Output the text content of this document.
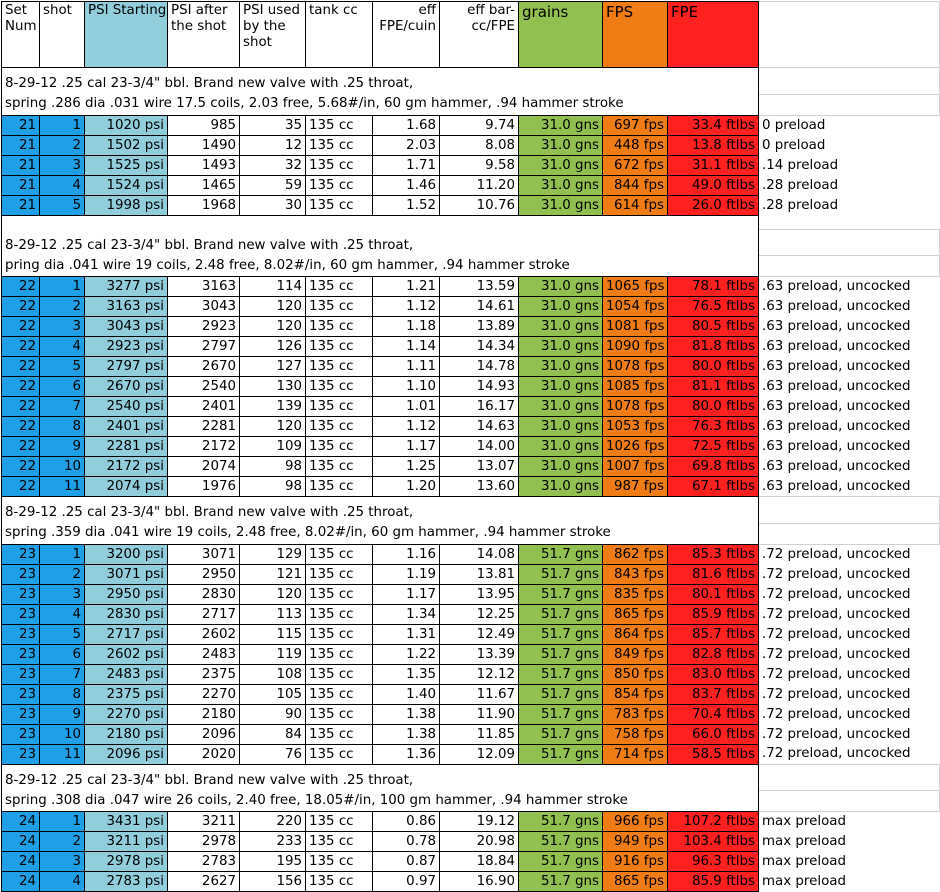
Set Num	shot	PSI Starting	PSI after the shot	PSI used by the shot	tank cc	eff FPE/cuin	eff bar-cc/FPE	grains	FPS	FPE	
8-29-12 .25 cal 23-3/4" bbl. Brand new valve with .25 throat,											
spring .286 dia .031 wire 17.5 coils, 2.03 free, 5.68#/in, 60 gm hammer, .94 hammer stroke											
21	1	1020 psi	985	35	135 cc	1.68	9.74	31.0 gns	697 fps	33.4 ftlbs	0 preload
21	2	1502 psi	1490	12	135 cc	2.03	8.08	31.0 gns	448 fps	13.8 ftlbs	0 preload
21	3	1525 psi	1493	32	135 cc	1.71	9.58	31.0 gns	672 fps	31.1 ftlbs	.14 preload
21	4	1524 psi	1465	59	135 cc	1.46	11.20	31.0 gns	844 fps	49.0 ftlbs	.28 preload
21	5	1998 psi	1968	30	135 cc	1.52	10.76	31.0 gns	614 fps	26.0 ftlbs	.28 preload

8-29-12 .25 cal 23-3/4" bbl. Brand new valve with .25 throat,											
pring dia .041 wire 19 coils, 2.48 free, 8.02#/in, 60 gm hammer, .94 hammer stroke											
22	1	3277 psi	3163	114	135 cc	1.21	13.59	31.0 gns	1065 fps	78.1 ftlbs	.63 preload, uncocked
22	2	3163 psi	3043	120	135 cc	1.12	14.61	31.0 gns	1054 fps	76.5 ftlbs	.63 preload, uncocked
22	3	3043 psi	2923	120	135 cc	1.18	13.89	31.0 gns	1081 fps	80.5 ftlbs	.63 preload, uncocked
22	4	2923 psi	2797	126	135 cc	1.14	14.34	31.0 gns	1090 fps	81.8 ftlbs	.63 preload, uncocked
22	5	2797 psi	2670	127	135 cc	1.11	14.78	31.0 gns	1078 fps	80.0 ftlbs	.63 preload, uncocked
22	6	2670 psi	2540	130	135 cc	1.10	14.93	31.0 gns	1085 fps	81.1 ftlbs	.63 preload, uncocked
22	7	2540 psi	2401	139	135 cc	1.01	16.17	31.0 gns	1078 fps	80.0 ftlbs	.63 preload, uncocked
22	8	2401 psi	2281	120	135 cc	1.12	14.63	31.0 gns	1053 fps	76.3 ftlbs	.63 preload, uncocked
22	9	2281 psi	2172	109	135 cc	1.17	14.00	31.0 gns	1026 fps	72.5 ftlbs	.63 preload, uncocked
22	10	2172 psi	2074	98	135 cc	1.25	13.07	31.0 gns	1007 fps	69.8 ftlbs	.63 preload, uncocked
22	11	2074 psi	1976	98	135 cc	1.20	13.60	31.0 gns	987 fps	67.1 ftlbs	.63 preload, uncocked
8-29-12 .25 cal 23-3/4" bbl. Brand new valve with .25 throat,											
spring .359 dia .041 wire 19 coils, 2.48 free, 8.02#/in, 60 gm hammer, .94 hammer stroke											
23	1	3200 psi	3071	129	135 cc	1.16	14.08	51.7 gns	862 fps	85.3 ftlbs	.72 preload, uncocked
23	2	3071 psi	2950	121	135 cc	1.19	13.81	51.7 gns	843 fps	81.6 ftlbs	.72 preload, uncocked
23	3	2950 psi	2830	120	135 cc	1.17	13.95	51.7 gns	835 fps	80.1 ftlbs	.72 preload, uncocked
23	4	2830 psi	2717	113	135 cc	1.34	12.25	51.7 gns	865 fps	85.9 ftlbs	.72 preload, uncocked
23	5	2717 psi	2602	115	135 cc	1.31	12.49	51.7 gns	864 fps	85.7 ftlbs	.72 preload, uncocked
23	6	2602 psi	2483	119	135 cc	1.22	13.39	51.7 gns	849 fps	82.8 ftlbs	.72 preload, uncocked
23	7	2483 psi	2375	108	135 cc	1.35	12.12	51.7 gns	850 fps	83.0 ftlbs	.72 preload, uncocked
23	8	2375 psi	2270	105	135 cc	1.40	11.67	51.7 gns	854 fps	83.7 ftlbs	.72 preload, uncocked
23	9	2270 psi	2180	90	135 cc	1.38	11.90	51.7 gns	783 fps	70.4 ftlbs	.72 preload, uncocked
23	10	2180 psi	2096	84	135 cc	1.38	11.85	51.7 gns	758 fps	66.0 ftlbs	.72 preload, uncocked
23	11	2096 psi	2020	76	135 cc	1.36	12.09	51.7 gns	714 fps	58.5 ftlbs	.72 preload, uncocked
8-29-12 .25 cal 23-3/4" bbl. Brand new valve with .25 throat,											
spring .308 dia .047 wire 26 coils, 2.40 free, 18.05#/in, 100 gm hammer, .94 hammer stroke											
24	1	3431 psi	3211	220	135 cc	0.86	19.12	51.7 gns	966 fps	107.2 ftlbs	max preload
24	2	3211 psi	2978	233	135 cc	0.78	20.98	51.7 gns	949 fps	103.4 ftlbs	max preload
24	3	2978 psi	2783	195	135 cc	0.87	18.84	51.7 gns	916 fps	96.3 ftlbs	max preload
24	4	2783 psi	2627	156	135 cc	0.97	16.90	51.7 gns	865 fps	85.9 ftlbs	max preload
